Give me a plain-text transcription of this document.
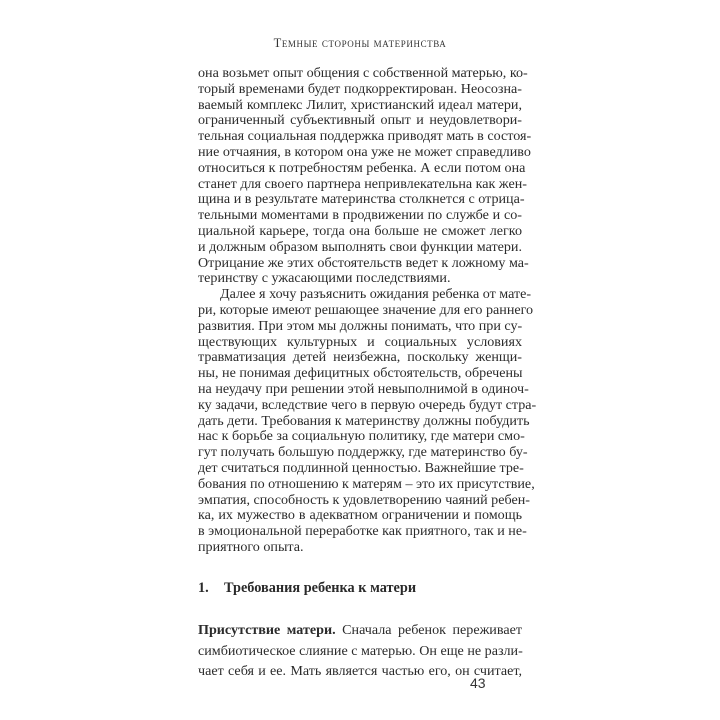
Темные стороны материнства
она возьмет опыт общения с собственной матерью, ко-
торый временами будет подкорректирован. Неосозна-
ваемый комплекс Лилит, христианский идеал матери,
ограниченный субъективный опыт и неудовлетвори-
тельная социальная поддержка приводят мать в состоя-
ние отчаяния, в котором она уже не может справедливо
относиться к потребностям ребенка. А если потом она
станет для своего партнера непривлекательна как жен-
щина и в результате материнства столкнется с отрица-
тельными моментами в продвижении по службе и со-
циальной карьере, тогда она больше не сможет легко
и должным образом выполнять свои функции матери.
Отрицание же этих обстоятельств ведет к ложному ма-
теринству с ужасающими последствиями.
Далее я хочу разъяснить ожидания ребенка от мате-
ри, которые имеют решающее значение для его раннего
развития. При этом мы должны понимать, что при су-
ществующих культурных и социальных условиях
травматизация детей неизбежна, поскольку женщи-
ны, не понимая дефицитных обстоятельств, обречены
на неудачу при решении этой невыполнимой в одиноч-
ку задачи, вследствие чего в первую очередь будут стра-
дать дети. Требования к материнству должны побудить
нас к борьбе за социальную политику, где матери смо-
гут получать большую поддержку, где материнство бу-
дет считаться подлинной ценностью. Важнейшие тре-
бования по отношению к матерям – это их присутствие,
эмпатия, способность к удовлетворению чаяний ребен-
ка, их мужество в адекватном ограничении и помощь
в эмоциональной переработке как приятного, так и не-
приятного опыта.
1. Требования ребенка к матери
Присутствие матери. Сначала ребенок переживает
симбиотическое слияние с матерью. Он еще не разли-
чает себя и ее. Мать является частью его, он считает,
43
